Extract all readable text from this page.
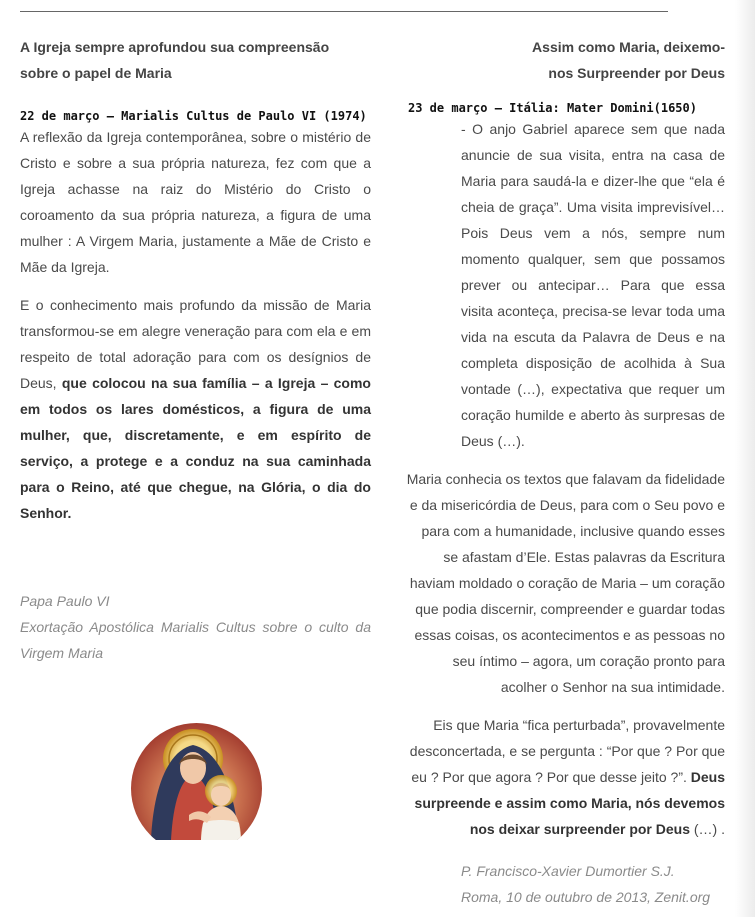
A Igreja sempre aprofundou sua compreensão sobre o papel de Maria
22 de março – Marialis Cultus de Paulo VI (1974)

A reflexão da Igreja contemporânea, sobre o mistério de Cristo e sobre a sua própria natureza, fez com que a Igreja achasse na raiz do Mistério do Cristo o coroamento da sua própria natureza, a figura de uma mulher : A Virgem Maria, justamente a Mãe de Cristo e Mãe da Igreja.

E o conhecimento mais profundo da missão de Maria transformou-se em alegre veneração para com ela e em respeito de total adoração para com os desígnios de Deus, que colocou na sua família – a Igreja – como em todos os lares domésticos, a figura de uma mulher, que, discretamente, e em espírito de serviço, a protege e a conduz na sua caminhada para o Reino, até que chegue, na Glória, o dia do Senhor.

Papa Paulo VI
Exortação Apostólica Marialis Cultus sobre o culto da Virgem Maria
Assim como Maria, deixemo-
nos Surpreender por Deus
23 de março – Itália: Mater Domini(1650)

- O anjo Gabriel aparece sem que nada anuncie de sua visita, entra na casa de Maria para saudá-la e dizer-lhe que “ela é cheia de graça”. Uma visita imprevisível… Pois Deus vem a nós, sempre num momento qualquer, sem que possamos prever ou antecipar… Para que essa visita aconteça, precisa-se levar toda uma vida na escuta da Palavra de Deus e na completa disposição de acolhida à Sua vontade (…), expectativa que requer um coração humilde e aberto às surpresas de Deus (…).

Maria conhecia os textos que falavam da fidelidade e da misericórdia de Deus, para com o Seu povo e para com a humanidade, inclusive quando esses se afastam d’Ele. Estas palavras da Escritura haviam moldado o coração de Maria – um coração que podia discernir, compreender e guardar todas essas coisas, os acontecimentos e as pessoas no seu íntimo – agora, um coração pronto para acolher o Senhor na sua intimidade.

Eis que Maria “fica perturbada”, provavelmente desconcertada, e se pergunta : “Por que ? Por que eu ? Por que agora ? Por que desse jeito ?”. Deus surpreende e assim como Maria, nós devemos nos deixar surpreender por Deus (…) .

P. Francisco-Xavier Dumortier S.J.
Roma, 10 de outubro de 2013, Zenit.org
